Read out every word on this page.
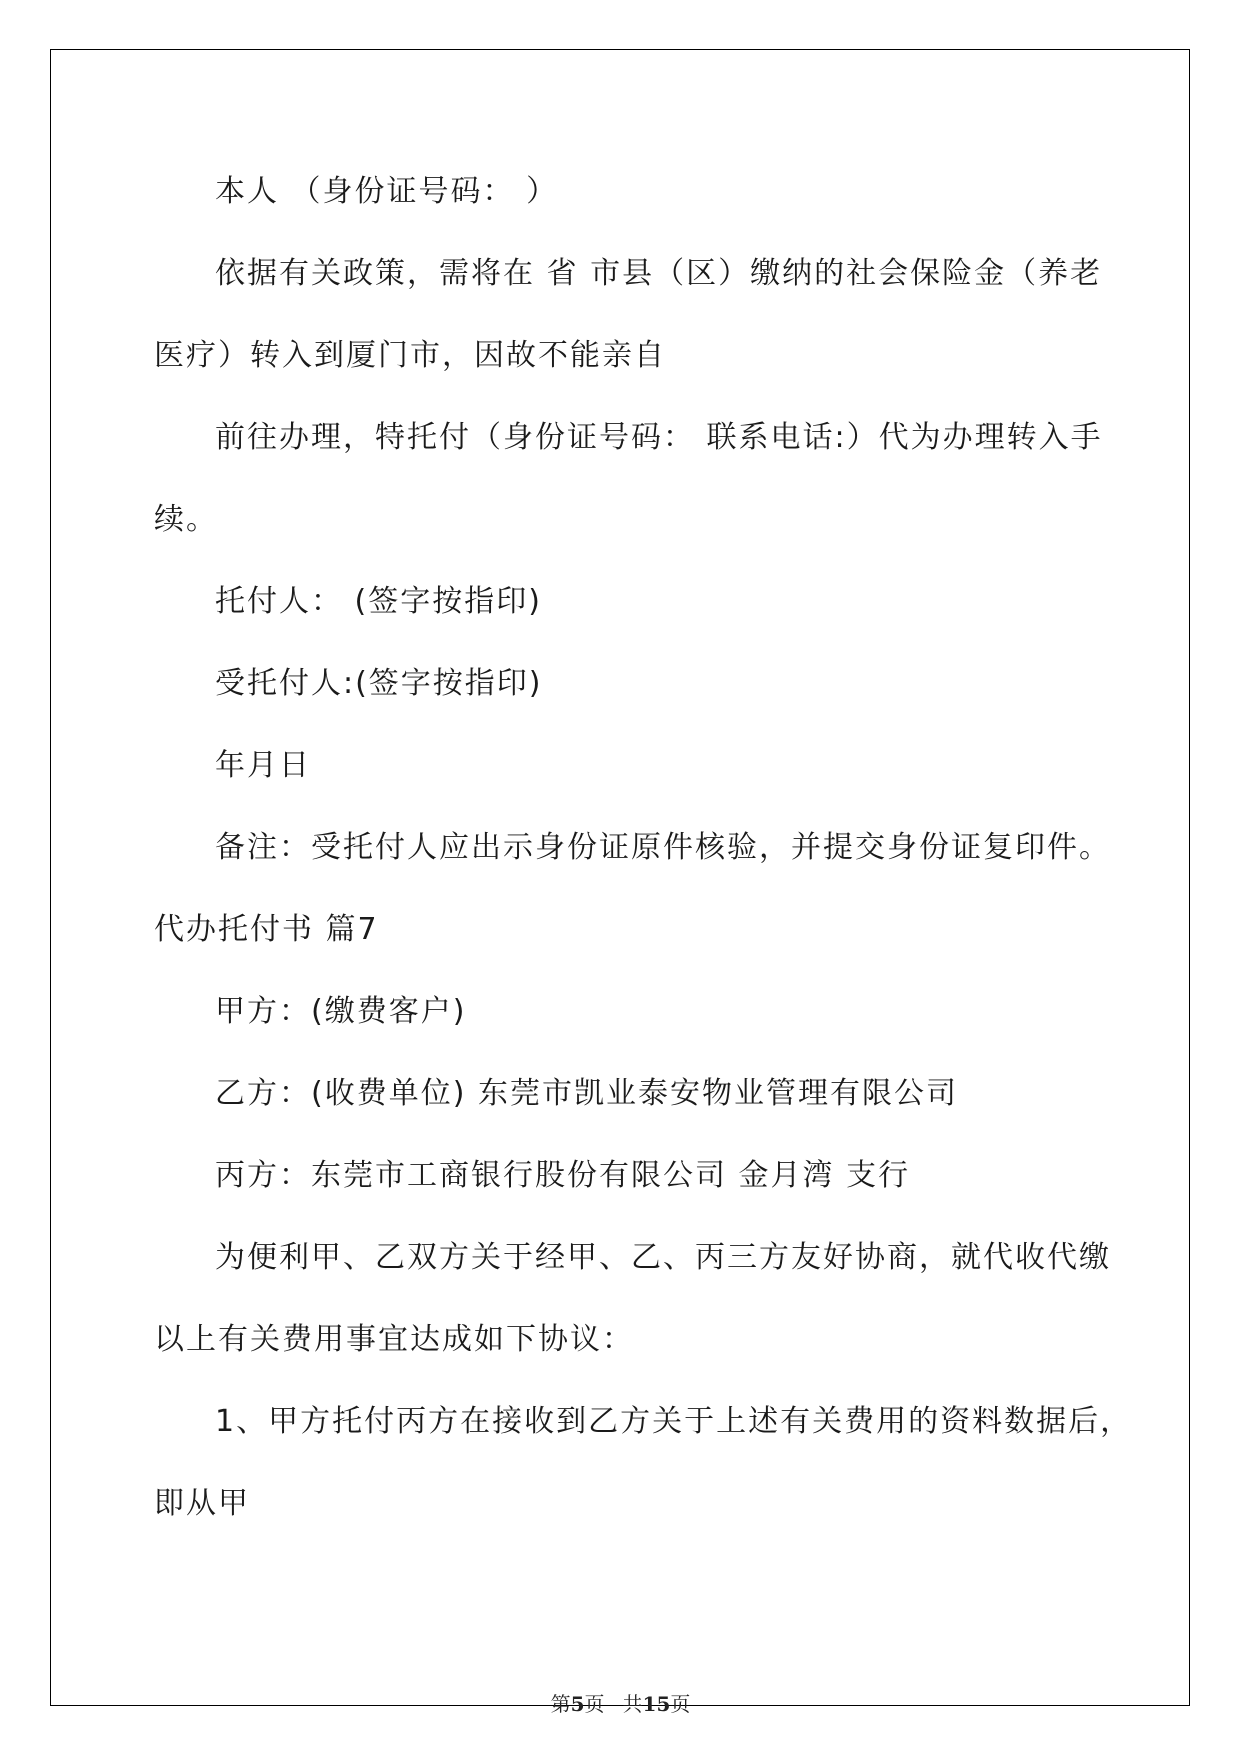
本人 （身份证号码： ）
依据有关政策，需将在 省 市县（区）缴纳的社会保险金（养老
医疗）转入到厦门市，因故不能亲自
前往办理，特托付（身份证号码： 联系电话:）代为办理转入手
续。
托付人： (签字按指印)
受托付人:(签字按指印)
年月日
备注：受托付人应出示身份证原件核验，并提交身份证复印件。
代办托付书 篇7
甲方：(缴费客户)
乙方：(收费单位) 东莞市凯业泰安物业管理有限公司
丙方：东莞市工商银行股份有限公司 金月湾 支行
为便利甲、乙双方关于经甲、乙、丙三方友好协商，就代收代缴
以上有关费用事宜达成如下协议：
1、甲方托付丙方在接收到乙方关于上述有关费用的资料数据后，
即从甲
第5页 共15页
